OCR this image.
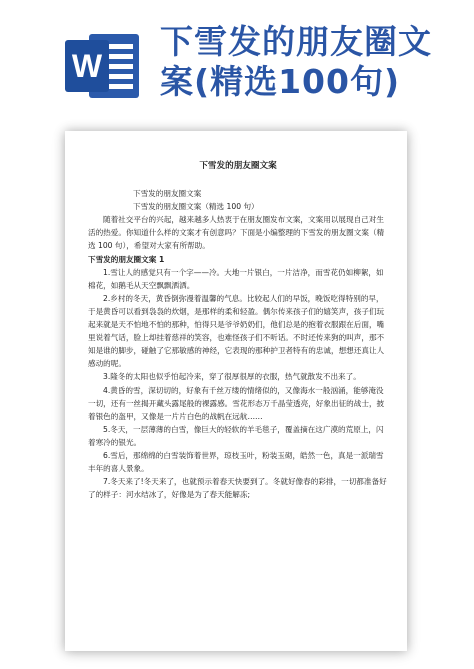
W
下雪发的朋友圈文案(精选100句)
下雪发的朋友圈文案

下雪发的朋友圈文案

下雪发的朋友圈文案（精选 100 句）

随着社交平台的兴起，越来越多人热衷于在朋友圈发布文案，文案用以展现自己对生活的热爱。你知道什么样的文案才有创意吗？下面是小编整理的下雪发的朋友圈文案（精选 100 句），希望对大家有所帮助。

下雪发的朋友圈文案 1

1.雪让人的感觉只有一个字——冷。大地一片银白，一片洁净，而雪花仍如柳絮，如棉花，如鹅毛从天空飘飘洒洒。

2.乡村的冬天，黄昏倒弥漫着温馨的气息。比较起人们的早饭，晚饭吃得特别的早，于是黄昏可以看到袅袅的炊烟，是那样的柔和轻盈。偶尔传来孩子们的嬉笑声，孩子们玩起来就是天不怕地不怕的那种，怕得只是爷爷奶奶们，他们总是的抱着衣服跟在后面，嘴里说着气话，脸上却挂着慈祥的笑容，也难怪孩子们不听话。不时还传来狗的叫声，那不知是谁的脚步，碰触了它那敏感的神经，它表现的那种护卫者特有的忠诚，想想还真让人感动的呢。

3.隆冬的太阳也似乎怕起冷来，穿了很厚很厚的衣服，热气就散发不出来了。

4.黄昏的雪，深切切的，好象有千丝万缕的情绪似的，又像海水一般汹涌，能够淹没一切，还有一丝揭开藏头露尾般的裸露感。雪花形态万千晶莹透亮，好象出征的战士，披着银色的盔甲，又像是一片片白色的战帆在远航……

5.冬天，一层薄薄的白雪，像巨大的轻软的羊毛毯子，覆盖摘在这广漠的荒原上，闪着寒冷的银光。

6.雪后，那绵绵的白雪装饰着世界，琼枝玉叶，粉装玉砌，皓然一色，真是一派瑞雪丰年的喜人景象。

7.冬天来了!冬天来了，也就预示着春天快要到了。冬就好像春的彩排，一切都准备好了的样子：河水结冰了，好像是为了春天能解冻;
